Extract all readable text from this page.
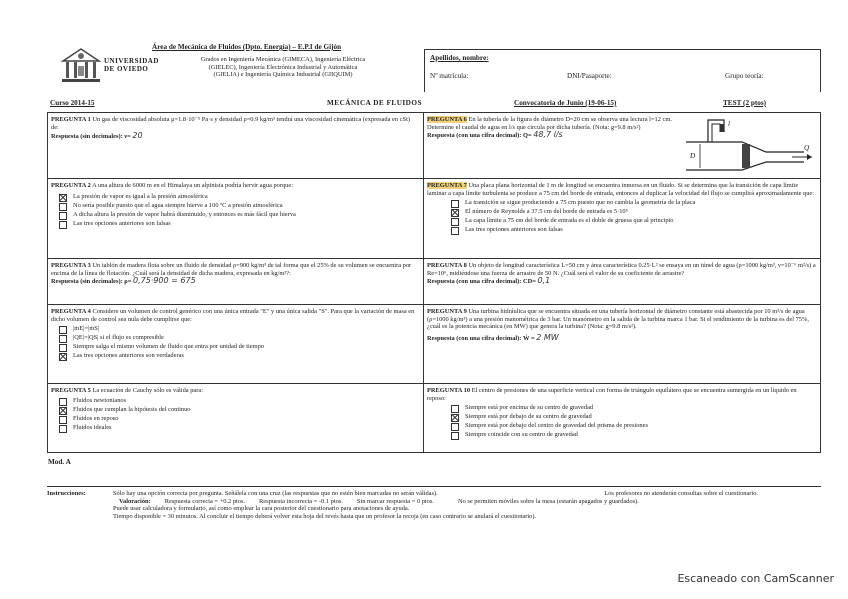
UNIVERSIDAD
DE OVIEDO
Área de Mecánica de Fluidos (Dpto. Energía) – E.P.I de Gijón
Grados en Ingeniería Mecánica (GIMECA), Ingeniería Eléctrica
(GIELEC), Ingeniería Electrónica Industrial y Automática
(GIELIA) e Ingeniería Química Industrial (GIIQUIM)
Apellidos, nombre:
Nº matrícula:	DNI/Pasaporte:	Grupo teoría:
Curso 2014-15	MECÁNICA DE FLUIDOS	Convocatoria de Junio (19-06-15)	TEST (2 ptos)
PREGUNTA 1 Un gas de viscosidad absoluta μ=1.8·10⁻⁵ Pa·s y densidad ρ=0.9 kg/m³ tendrá una viscosidad cinemática (expresada en cSt) de:
Respuesta (sin decimales): ν= 20
PREGUNTA 2 A una altura de 6000 m en el Himalaya un alpinista podría hervir agua porque:
La presión de vapor es igual a la presión atmosférica
No sería posible puesto que el agua siempre hierve a 100 ºC a presión atmosférica
A dicha altura la presión de vapor habrá disminuido, y entonces es más fácil que hierva
Las tres opciones anteriores son falsas
PREGUNTA 3 Un tablón de madera flota sobre un fluido de densidad ρ=900 kg/m³ de tal forma que el 25% de su volumen se encuentra por encima de la línea de flotación. ¿Cuál será la densidad de dicha madera, expresada en kg/m³?:
Respuesta (sin decimales): ρ= 0,75·900 = 675
PREGUNTA 4 Considere un volumen de control genérico con una única entrada "E" y una única salida "S". Para que la variación de masa en dicho volumen de control sea nula debe cumplirse que:
|ṁE|=|ṁS|
|QE|=|QS| si el flujo es compresible
Siempre salga el mismo volumen de fluido que entra por unidad de tiempo
Las tres opciones anteriores son verdaderas
PREGUNTA 5 La ecuación de Cauchy sólo es válida para:
Fluidos newtonianos
Fluidos que cumplan la hipótesis del continuo
Fluidos en reposo
Fluidos ideales
PREGUNTA 6 En la tubería de la figura de diámetro D=20 cm se observa una lectura l=12 cm. Determine el caudal de agua en l/s que circula por dicha tubería. (Nota: g=9.8 m/s²)
Respuesta (con una cifra decimal): Q= 48,7 l/s
l
D
Q
PREGUNTA 7 Una placa plana horizontal de 1 m de longitud se encuentra inmersa en un fluido. Si se determina que la transición de capa límite laminar a capa límite turbulenta se produce a 75 cm del borde de entrada, entonces al duplicar la velocidad del flujo se cumplirá aproximadamente que:
La transición se sigue produciendo a 75 cm puesto que no cambia la geometría de la placa
El número de Reynolds a 37.5 cm del borde de entrada es 5·10⁵
La capa límite a 75 cm del borde de entrada es el doble de gruesa que al principio
Las tres opciones anteriores son falsas
PREGUNTA 8 Un objeto de longitud característica L=50 cm y área característica 0.25·L² se ensaya en un túnel de agua (ρ=1000 kg/m³, ν=10⁻⁶ m²/s) a Re=10⁶, midiéndose una fuerza de arrastre de 50 N. ¿Cuál será el valor de su coeficiente de arrastre?
Respuesta (con una cifra decimal): CD= 0,1
PREGUNTA 9 Una turbina hidráulica que se encuentra situada en una tubería horizontal de diámetro constante está abastecida por 10 m³/s de agua (ρ=1000 kg/m³) a una presión manométrica de 3 bar. Un manómetro en la salida de la turbina marca 1 bar. Si el rendimiento de la turbina es del 75%, ¿cuál es la potencia mecánica (en MW) que genera la turbina? (Nota: g=9.8 m/s²).
Respuesta (con una cifra decimal): Ẇ = 2 MW
PREGUNTA 10 El centro de presiones de una superficie vertical con forma de triángulo equilátero que se encuentra sumergida en un líquido en reposo:
Siempre está por encima de su centro de gravedad
Siempre está por debajo de su centro de gravedad
Siempre está por debajo del centro de gravedad del prisma de presiones
Siempre coincide con su centro de gravedad
Mod. A
Instrucciones:	Sólo hay una opción correcta por pregunta. Señálela con una cruz (las respuestas que no estén bien marcadas no serán válidas).	Los profesores no atenderán consultas sobre el cuestionario.
Valoración: Respuesta correcta = +0.2 ptos. Respuesta incorrecta = -0.1 ptos. Sin marcar respuesta = 0 ptos.	No se permiten móviles sobre la mesa (estarán apagados y guardados).
Puede usar calculadora y formulario, así como emplear la cara posterior del cuestionario para anotaciones de ayuda.
Tiempo disponible = 30 minutos. Al concluir el tiempo deberá volver esta hoja del revés hasta que un profesor la recoja (en caso contrario se anulará el cuestionario).
Escaneado con CamScanner
